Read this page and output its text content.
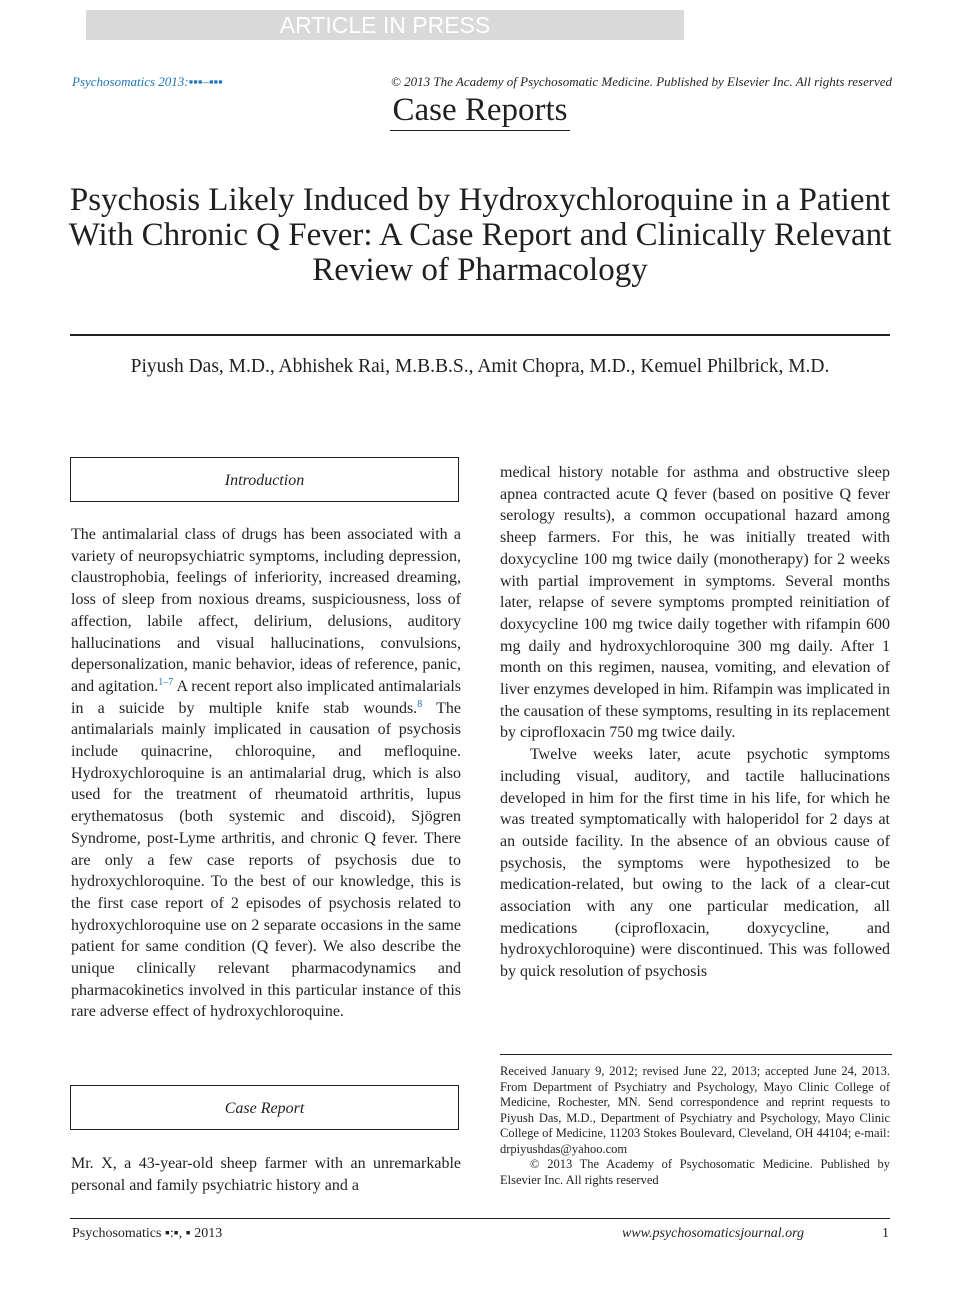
ARTICLE IN PRESS
Psychosomatics 2013:▪▪▪–▪▪▪	© 2013 The Academy of Psychosomatic Medicine. Published by Elsevier Inc. All rights reserved
Case Reports
Psychosis Likely Induced by Hydroxychloroquine in a Patient With Chronic Q Fever: A Case Report and Clinically Relevant Review of Pharmacology
Piyush Das, M.D., Abhishek Rai, M.B.B.S., Amit Chopra, M.D., Kemuel Philbrick, M.D.
Introduction

The antimalarial class of drugs has been associated with a variety of neuropsychiatric symptoms, including depression, claustrophobia, feelings of inferiority, increased dreaming, loss of sleep from noxious dreams, suspiciousness, loss of affection, labile affect, delirium, delusions, auditory hallucinations and visual hallucinations, convulsions, depersonalization, manic behavior, ideas of reference, panic, and agitation.$^{1-7}$ A recent report also implicated antimalarials in a suicide by multiple knife stab wounds.$^8$ The antimalarials mainly implicated in causation of psychosis include quinacrine, chloroquine, and mefloquine. Hydroxychloroquine is an antimalarial drug, which is also used for the treatment of rheumatoid arthritis, lupus erythematosus (both systemic and discoid), Sjögren Syndrome, post-Lyme arthritis, and chronic Q fever. There are only a few case reports of psychosis due to hydroxychloroquine. To the best of our knowledge, this is the first case report of 2 episodes of psychosis related to hydroxychloroquine use on 2 separate occasions in the same patient for same condition (Q fever). We also describe the unique clinically relevant pharmacodynamics and pharmacokinetics involved in this particular instance of this rare adverse effect of hydroxychloroquine.

Case Report

Mr. X, a 43-year-old sheep farmer with an unremarkable personal and family psychiatric history and a

medical history notable for asthma and obstructive sleep apnea contracted acute Q fever (based on positive Q fever serology results), a common occupational hazard among sheep farmers. For this, he was initially treated with doxycycline 100 mg twice daily (monotherapy) for 2 weeks with partial improvement in symptoms. Several months later, relapse of severe symptoms prompted reinitiation of doxycycline 100 mg twice daily together with rifampin 600 mg daily and hydroxychloroquine 300 mg daily. After 1 month on this regimen, nausea, vomiting, and elevation of liver enzymes developed in him. Rifampin was implicated in the causation of these symptoms, resulting in its replacement by ciprofloxacin 750 mg twice daily.

Twelve weeks later, acute psychotic symptoms including visual, auditory, and tactile hallucinations developed in him for the first time in his life, for which he was treated symptomatically with haloperidol for 2 days at an outside facility. In the absence of an obvious cause of psychosis, the symptoms were hypothesized to be medication-related, but owing to the lack of a clear-cut association with any one particular medication, all medications (ciprofloxacin, doxycycline, and hydroxychloroquine) were discontinued. This was followed by quick resolution of psychosis

Received January 9, 2012; revised June 22, 2013; accepted June 24, 2013. From Department of Psychiatry and Psychology, Mayo Clinic College of Medicine, Rochester, MN. Send correspondence and reprint requests to Piyush Das, M.D., Department of Psychiatry and Psychology, Mayo Clinic College of Medicine, 11203 Stokes Boulevard, Cleveland, OH 44104; e-mail: drpiyushdas@yahoo.com

© 2013 The Academy of Psychosomatic Medicine. Published by Elsevier Inc. All rights reserved

Psychosomatics ▪:▪, ▪ 2013	www.psychosomaticsjournal.org	1
